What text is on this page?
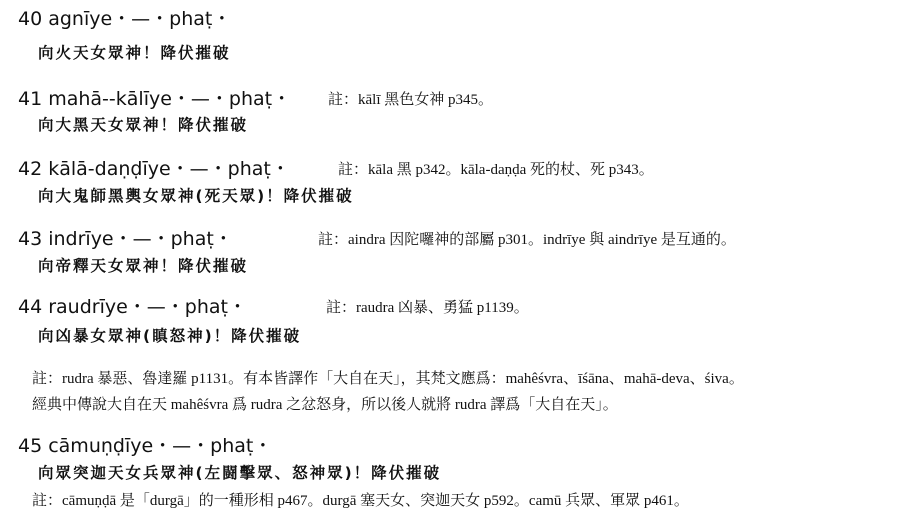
40 agnīye・—・phaṭ・
向火天女眾神！降伏摧破
41 mahā--kālīye・—・phaṭ・ 註：kālī 黑色女神 p345。
向大黑天女眾神！降伏摧破
42 kālā-daṇḍīye・—・phaṭ・	註：kāla 黑 p342。kāla-daṇḍa 死的杖、死 p343。
向大鬼師黑輿女眾神(死天眾)！降伏摧破
43 indrīye・—・phaṭ・	註：aindra 因陀囉神的部屬 p301。indrīye 與 aindrīye 是互通的。
向帝釋天女眾神！降伏摧破
44 raudrīye・—・phaṭ・	註：raudra 凶暴、勇猛 p1139。
向凶暴女眾神(瞋怒神)！降伏摧破
註：rudra 暴惡、魯達羅 p1131。有本皆譯作「大自在天」，其梵文應爲：mahêśvra、īśāna、mahā-deva、śiva。
經典中傳說大自在天 mahêśvra 爲 rudra 之忿怒身，所以後人就將 rudra 譯爲「大自在天」。
45 cāmuṇḍīye・—・phaṭ・
向眾突迦天女兵眾神(左闘擊眾、怒神眾)！降伏摧破
註：cāmuṇḍā 是「durgā」的一種形相 p467。durgā 塞天女、突迦天女 p592。camū 兵眾、軍眾 p461。
